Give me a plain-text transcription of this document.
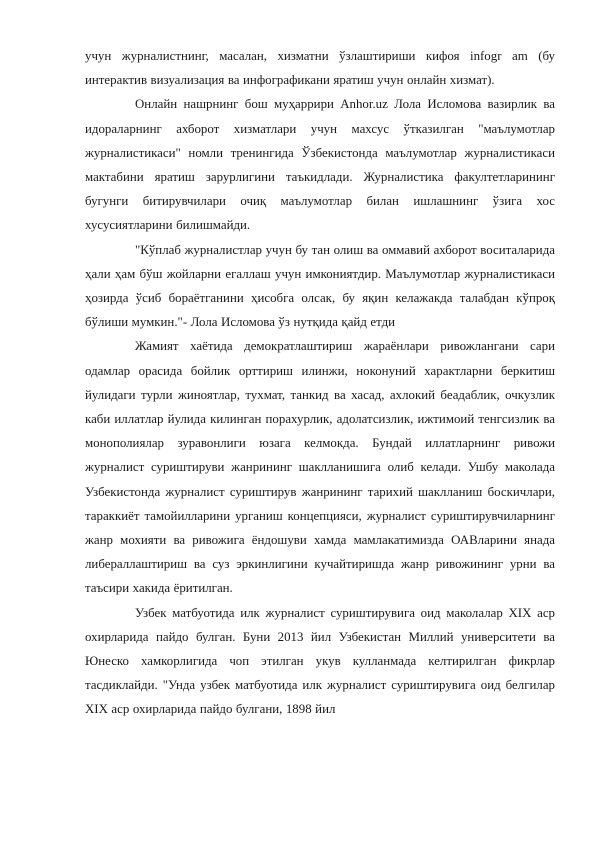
учун журналистнинг, масалан, хизматни ўзлаштириши кифоя infogr am (бу интерактив визуализация ва инфографикани яратиш учун онлайн хизмат).

Онлайн нашрнинг бош муҳаррири Anhor.uz Лола Исломова вазирлик ва идораларнинг ахборот хизматлари учун махсус ўтказилган "маълумотлар журналистикаси" номли тренингида Ўзбекистонда маълумотлар журналистикаси мактабини яратиш зарурлигини таъкидлади. Журналистика факултетларининг бугунги битирувчилари очиқ маълумотлар билан ишлашнинг ўзига хос хусусиятларини билишмайди.

"Кўплаб журналистлар учун бу тан олиш ва оммавий ахборот воситаларида ҳали ҳам бўш жойларни егаллаш учун имкониятдир. Маълумотлар журналистикаси ҳозирда ўсиб бораётганини ҳисобга олсак, бу яқин келажакда талабдан кўпроқ бўлиши мумкин."- Лола Исломова ўз нутқида қайд етди

Жамият хаётида демократлаштириш жараёнлари ривожлангани сари одамлар орасида бойлик орттириш илинжи, ноконуний характларни беркитиш йулидаги турли жиноятлар, тухмат, танкид ва хасад, ахлокий беадаблик, очкузлик каби иллатлар йулида килинган порахурлик, адолатсизлик, ижтимоий тенгсизлик ва монополиялар зуравонлиги юзага келмокда. Бундай иллатларнинг ривожи журналист суриштируви жанрининг шаклланишига олиб келади. Ушбу маколада Узбекистонда журналист суриштирув жанрининг тарихий шаклланиш боскичлари, тараккиёт тамойилларини урганиш концепцияси, журналист суриштирувчиларнинг жанр мохияти ва ривожига ёндошуви хамда мамлакатимизда ОАВларини янада либераллаштириш ва суз эркинлигини кучайтиришда жанр ривожининг урни ва таъсири хакида ёритилган.

Узбек матбуотида илк журналист суриштирувига оид маколалар XIX аср охирларида пайдо булган. Буни 2013 йил Узбекистан Миллий университети ва Юнеско хамкорлигида чоп этилган укув кулланмада келтирилган фикрлар тасдиклайди. "Унда узбек матбуотида илк журналист суриштирувига оид белгилар XIX аср охирларида пайдо булгани, 1898 йил
